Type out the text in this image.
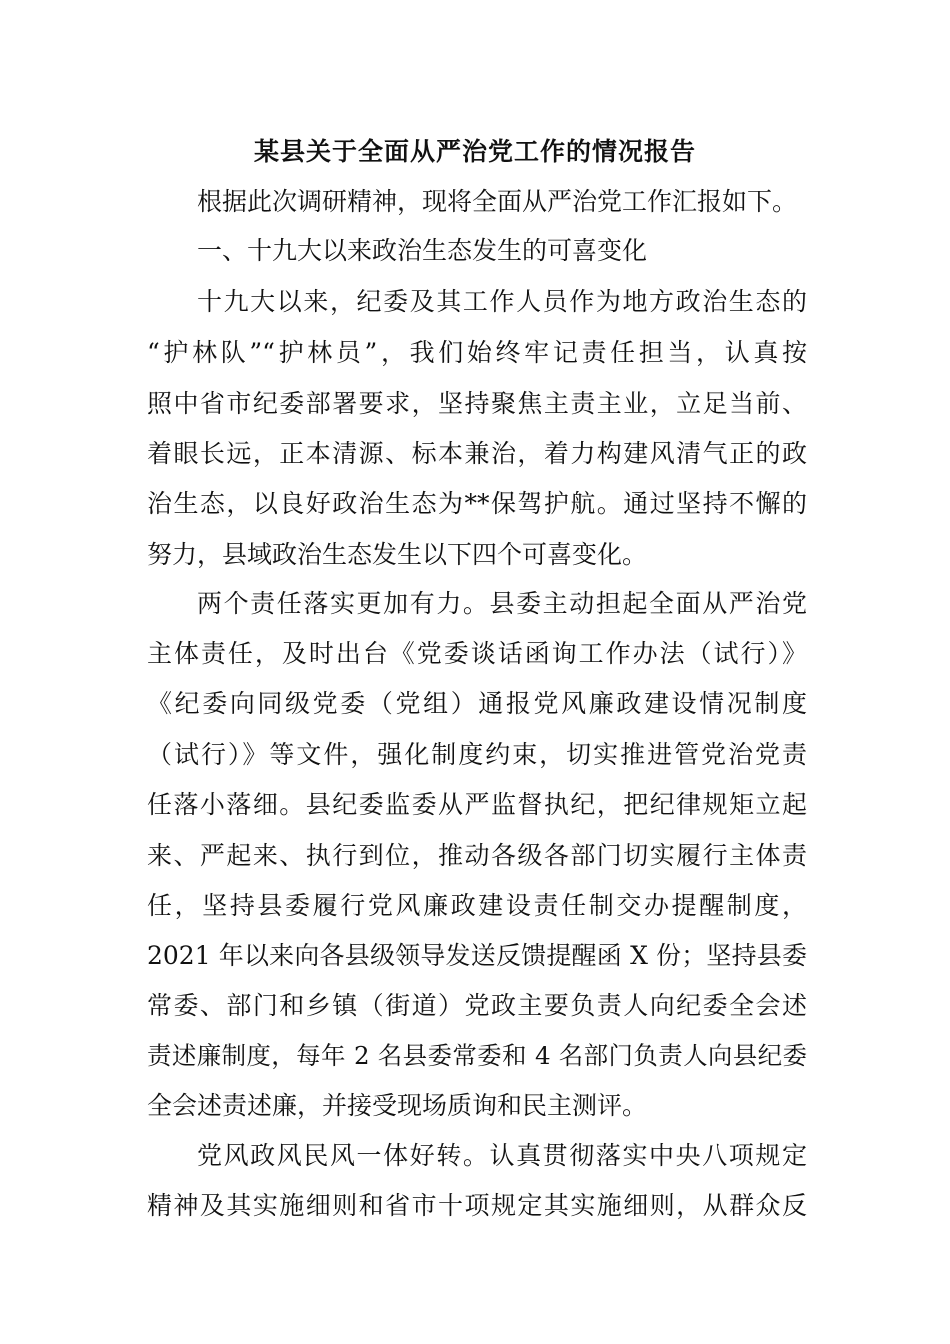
某县关于全面从严治党工作的情况报告

根据此次调研精神，现将全面从严治党工作汇报如下。

一、十九大以来政治生态发生的可喜变化

十九大以来，纪委及其工作人员作为地方政治生态的

“护林队”“护林员”，我们始终牢记责任担当，认真按

照中省市纪委部署要求，坚持聚焦主责主业，立足当前、

着眼长远，正本清源、标本兼治，着力构建风清气正的政

治生态，以良好政治生态为**保驾护航。通过坚持不懈的

努力，县域政治生态发生以下四个可喜变化。

两个责任落实更加有力。县委主动担起全面从严治党

主体责任，及时出台《党委谈话函询工作办法（试行）》

《纪委向同级党委（党组）通报党风廉政建设情况制度

（试行）》等文件，强化制度约束，切实推进管党治党责

任落小落细。县纪委监委从严监督执纪，把纪律规矩立起

来、严起来、执行到位，推动各级各部门切实履行主体责

任，坚持县委履行党风廉政建设责任制交办提醒制度，

2021 年以来向各县级领导发送反馈提醒函 X 份；坚持县委

常委、部门和乡镇（街道）党政主要负责人向纪委全会述

责述廉制度，每年 2 名县委常委和 4 名部门负责人向县纪委

全会述责述廉，并接受现场质询和民主测评。

党风政风民风一体好转。认真贯彻落实中央八项规定

精神及其实施细则和省市十项规定其实施细则，从群众反
